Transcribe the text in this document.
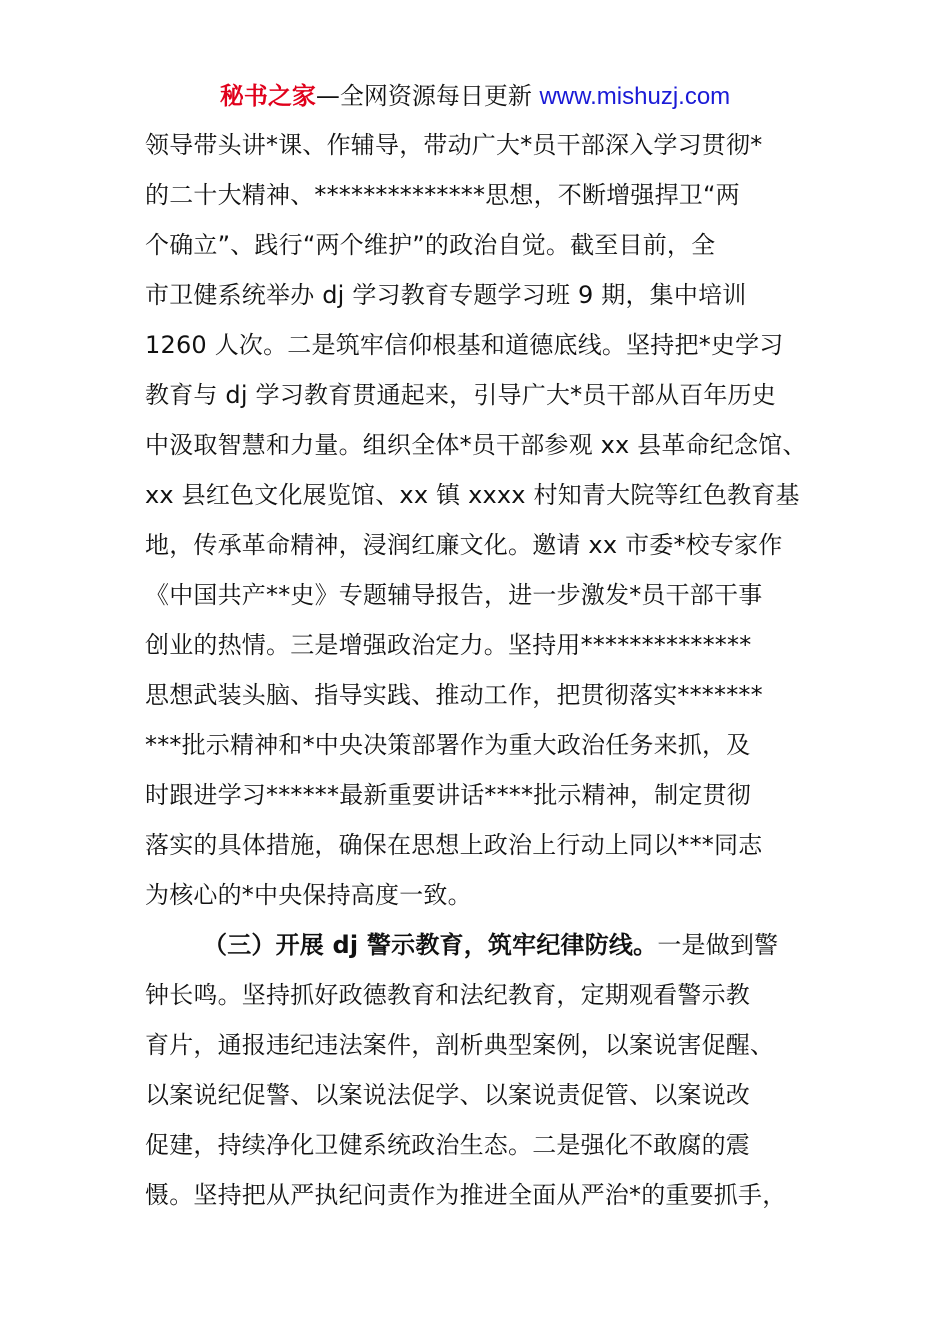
秘书之家—全网资源每日更新 www.mishuzj.com
领导带头讲*课、作辅导，带动广大*员干部深入学习贯彻*
的二十大精神、**************思想，不断增强捍卫“两
个确立”、践行“两个维护”的政治自觉。截至目前，全
市卫健系统举办 dj 学习教育专题学习班 9 期，集中培训
1260 人次。二是筑牢信仰根基和道德底线。坚持把*史学习
教育与 dj 学习教育贯通起来，引导广大*员干部从百年历史
中汲取智慧和力量。组织全体*员干部参观 xx 县革命纪念馆、
xx 县红色文化展览馆、xx 镇 xxxx 村知青大院等红色教育基
地，传承革命精神，浸润红廉文化。邀请 xx 市委*校专家作
《中国共产**史》专题辅导报告，进一步激发*员干部干事
创业的热情。三是增强政治定力。坚持用**************
思想武装头脑、指导实践、推动工作，把贯彻落实*******
***批示精神和*中央决策部署作为重大政治任务来抓，及
时跟进学习******最新重要讲话****批示精神，制定贯彻
落实的具体措施，确保在思想上政治上行动上同以***同志
为核心的*中央保持高度一致。
（三）开展 dj 警示教育，筑牢纪律防线。一是做到警
钟长鸣。坚持抓好政德教育和法纪教育，定期观看警示教
育片，通报违纪违法案件，剖析典型案例，以案说害促醒、
以案说纪促警、以案说法促学、以案说责促管、以案说改
促建，持续净化卫健系统政治生态。二是强化不敢腐的震
慑。坚持把从严执纪问责作为推进全面从严治*的重要抓手，
